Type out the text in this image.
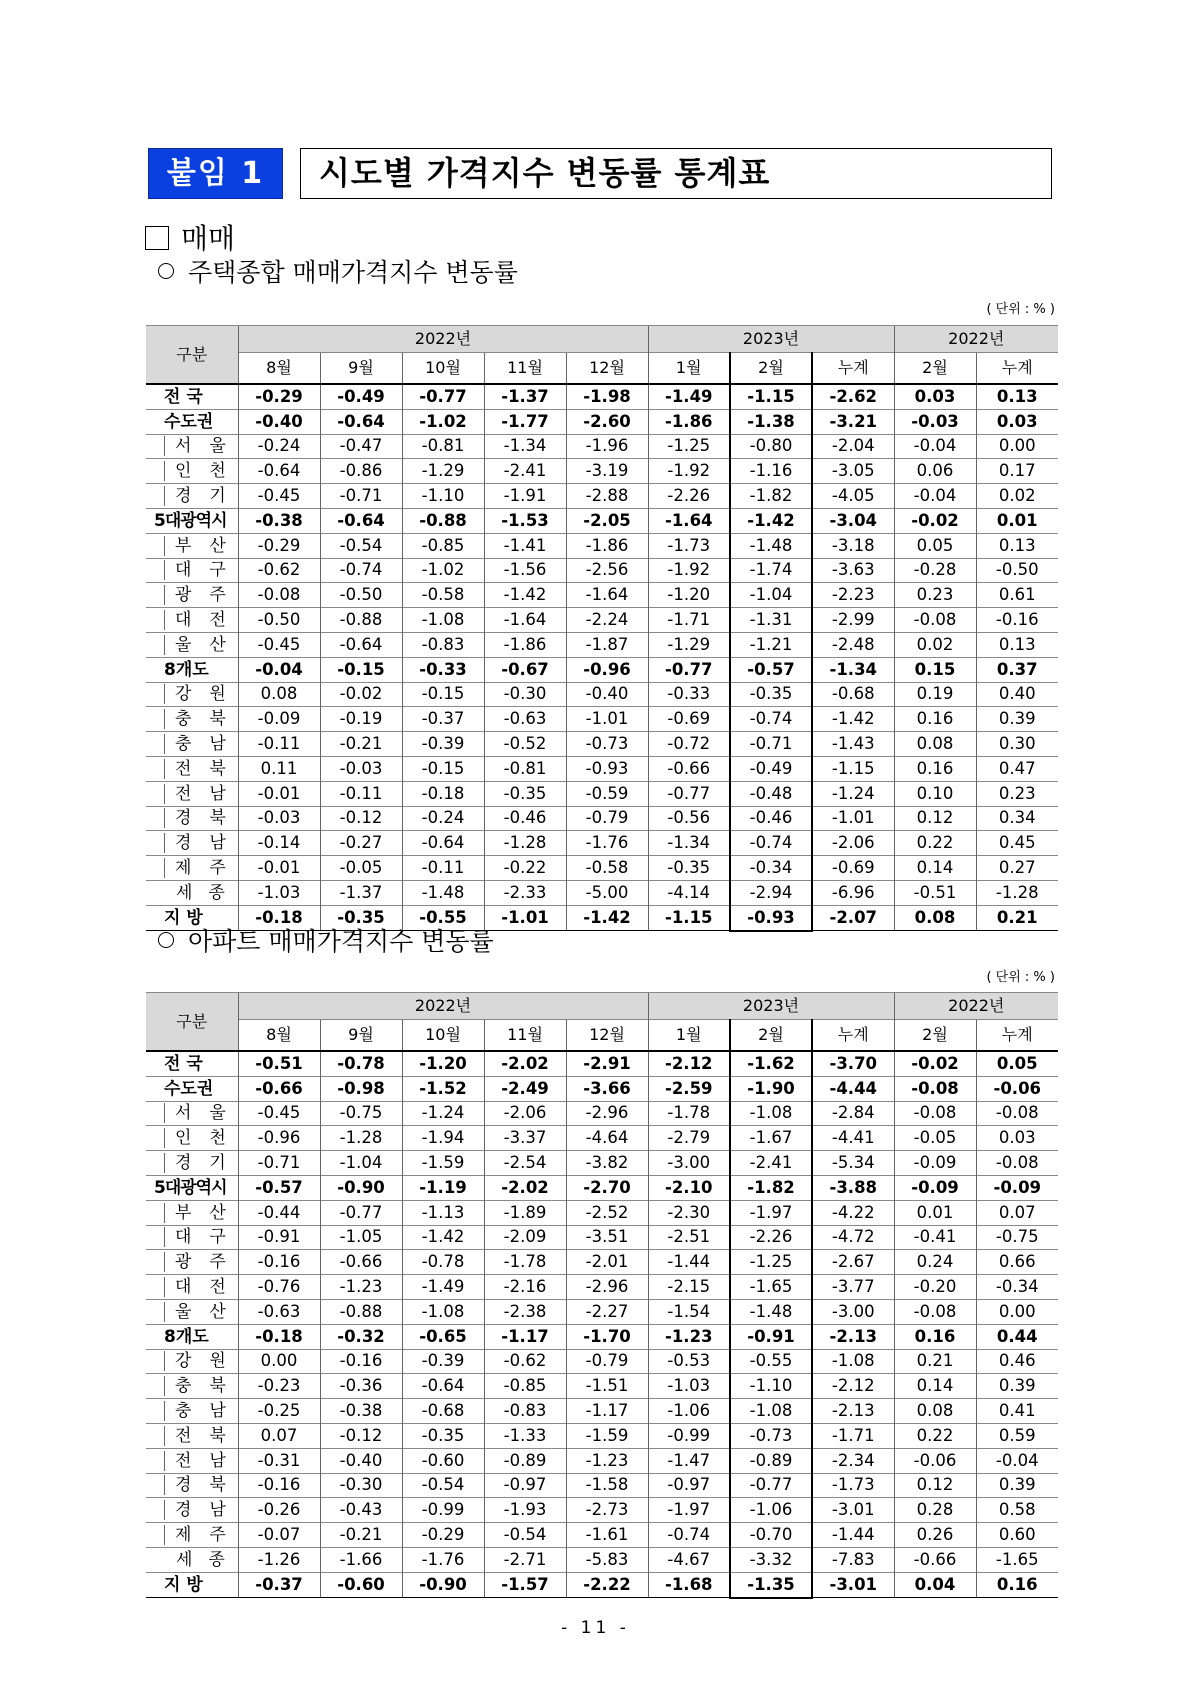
붙임 1	시도별 가격지수 변동률 통계표
매매
주택종합 매매가격지수 변동률
( 단위 : % )
구분	2022년					2023년			2022년	
	8월	9월	10월	11월	12월	1월	2월	누계	2월	누계
전 국	-0.29	-0.49	-0.77	-1.37	-1.98	-1.49	-1.15	-2.62	0.03	0.13
수도권	-0.40	-0.64	-1.02	-1.77	-2.60	-1.86	-1.38	-3.21	-0.03	0.03
서울	-0.24	-0.47	-0.81	-1.34	-1.96	-1.25	-0.80	-2.04	-0.04	0.00
인천	-0.64	-0.86	-1.29	-2.41	-3.19	-1.92	-1.16	-3.05	0.06	0.17
경기	-0.45	-0.71	-1.10	-1.91	-2.88	-2.26	-1.82	-4.05	-0.04	0.02
5대광역시	-0.38	-0.64	-0.88	-1.53	-2.05	-1.64	-1.42	-3.04	-0.02	0.01
부산	-0.29	-0.54	-0.85	-1.41	-1.86	-1.73	-1.48	-3.18	0.05	0.13
대구	-0.62	-0.74	-1.02	-1.56	-2.56	-1.92	-1.74	-3.63	-0.28	-0.50
광주	-0.08	-0.50	-0.58	-1.42	-1.64	-1.20	-1.04	-2.23	0.23	0.61
대전	-0.50	-0.88	-1.08	-1.64	-2.24	-1.71	-1.31	-2.99	-0.08	-0.16
울산	-0.45	-0.64	-0.83	-1.86	-1.87	-1.29	-1.21	-2.48	0.02	0.13
8개도	-0.04	-0.15	-0.33	-0.67	-0.96	-0.77	-0.57	-1.34	0.15	0.37
강원	0.08	-0.02	-0.15	-0.30	-0.40	-0.33	-0.35	-0.68	0.19	0.40
충북	-0.09	-0.19	-0.37	-0.63	-1.01	-0.69	-0.74	-1.42	0.16	0.39
충남	-0.11	-0.21	-0.39	-0.52	-0.73	-0.72	-0.71	-1.43	0.08	0.30
전북	0.11	-0.03	-0.15	-0.81	-0.93	-0.66	-0.49	-1.15	0.16	0.47
전남	-0.01	-0.11	-0.18	-0.35	-0.59	-0.77	-0.48	-1.24	0.10	0.23
경북	-0.03	-0.12	-0.24	-0.46	-0.79	-0.56	-0.46	-1.01	0.12	0.34
경남	-0.14	-0.27	-0.64	-1.28	-1.76	-1.34	-0.74	-2.06	0.22	0.45
제주	-0.01	-0.05	-0.11	-0.22	-0.58	-0.35	-0.34	-0.69	0.14	0.27
세종	-1.03	-1.37	-1.48	-2.33	-5.00	-4.14	-2.94	-6.96	-0.51	-1.28
지 방	-0.18	-0.35	-0.55	-1.01	-1.42	-1.15	-0.93	-2.07	0.08	0.21
아파트 매매가격지수 변동률
( 단위 : % )
구분	2022년					2023년			2022년	
	8월	9월	10월	11월	12월	1월	2월	누계	2월	누계
전 국	-0.51	-0.78	-1.20	-2.02	-2.91	-2.12	-1.62	-3.70	-0.02	0.05
수도권	-0.66	-0.98	-1.52	-2.49	-3.66	-2.59	-1.90	-4.44	-0.08	-0.06
서울	-0.45	-0.75	-1.24	-2.06	-2.96	-1.78	-1.08	-2.84	-0.08	-0.08
인천	-0.96	-1.28	-1.94	-3.37	-4.64	-2.79	-1.67	-4.41	-0.05	0.03
경기	-0.71	-1.04	-1.59	-2.54	-3.82	-3.00	-2.41	-5.34	-0.09	-0.08
5대광역시	-0.57	-0.90	-1.19	-2.02	-2.70	-2.10	-1.82	-3.88	-0.09	-0.09
부산	-0.44	-0.77	-1.13	-1.89	-2.52	-2.30	-1.97	-4.22	0.01	0.07
대구	-0.91	-1.05	-1.42	-2.09	-3.51	-2.51	-2.26	-4.72	-0.41	-0.75
광주	-0.16	-0.66	-0.78	-1.78	-2.01	-1.44	-1.25	-2.67	0.24	0.66
대전	-0.76	-1.23	-1.49	-2.16	-2.96	-2.15	-1.65	-3.77	-0.20	-0.34
울산	-0.63	-0.88	-1.08	-2.38	-2.27	-1.54	-1.48	-3.00	-0.08	0.00
8개도	-0.18	-0.32	-0.65	-1.17	-1.70	-1.23	-0.91	-2.13	0.16	0.44
강원	0.00	-0.16	-0.39	-0.62	-0.79	-0.53	-0.55	-1.08	0.21	0.46
충북	-0.23	-0.36	-0.64	-0.85	-1.51	-1.03	-1.10	-2.12	0.14	0.39
충남	-0.25	-0.38	-0.68	-0.83	-1.17	-1.06	-1.08	-2.13	0.08	0.41
전북	0.07	-0.12	-0.35	-1.33	-1.59	-0.99	-0.73	-1.71	0.22	0.59
전남	-0.31	-0.40	-0.60	-0.89	-1.23	-1.47	-0.89	-2.34	-0.06	-0.04
경북	-0.16	-0.30	-0.54	-0.97	-1.58	-0.97	-0.77	-1.73	0.12	0.39
경남	-0.26	-0.43	-0.99	-1.93	-2.73	-1.97	-1.06	-3.01	0.28	0.58
제주	-0.07	-0.21	-0.29	-0.54	-1.61	-0.74	-0.70	-1.44	0.26	0.60
세종	-1.26	-1.66	-1.76	-2.71	-5.83	-4.67	-3.32	-7.83	-0.66	-1.65
지 방	-0.37	-0.60	-0.90	-1.57	-2.22	-1.68	-1.35	-3.01	0.04	0.16
- 11 -
